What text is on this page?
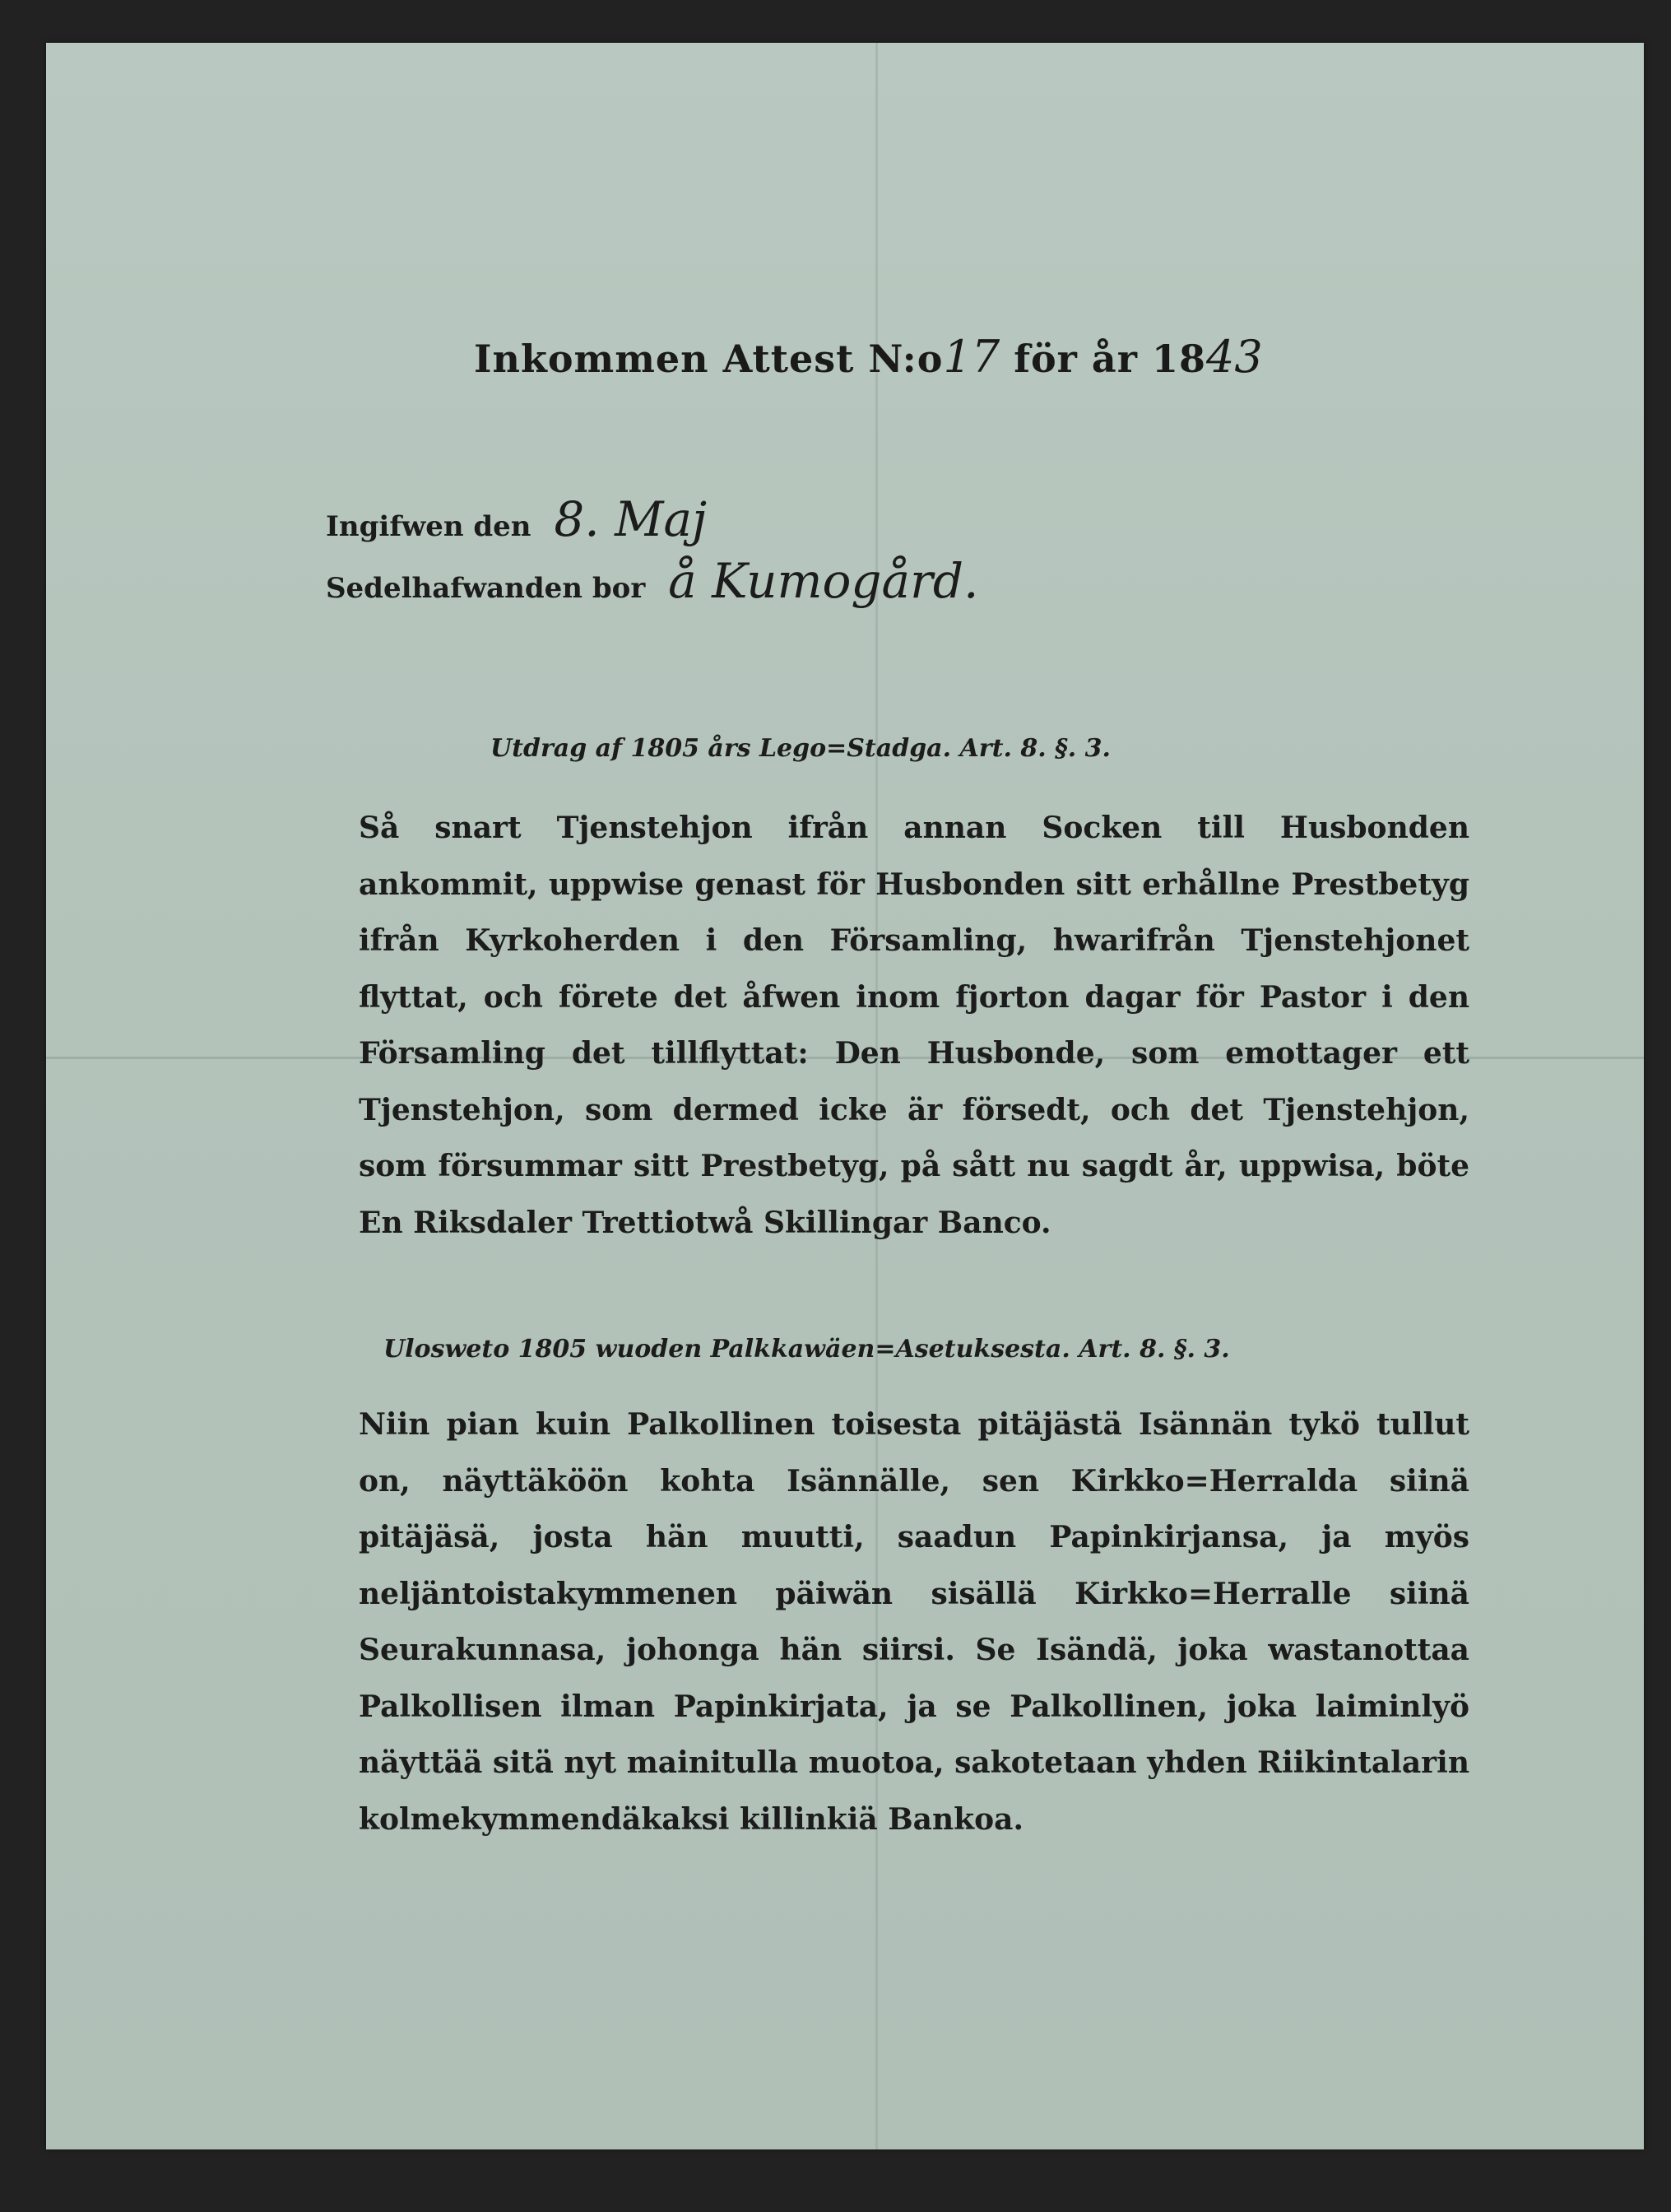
Inkommen Attest N:o17 för år 1843
Ingifwen den 8. Maj
Sedelhafwanden bor å Kumogård.
Utdrag af 1805 års Lego=Stadga. Art. 8. §. 3.
Så snart Tjenstehjon ifrån annan Socken till Husbonden ankommit, uppwise genast för Husbonden sitt erhållne Prestbetyg ifrån Kyrkoherden i den Församling, hwarifrån Tjenstehjonet flyttat, och förete det åfwen inom fjorton dagar för Pastor i den Församling det tillflyttat: Den Husbonde, som emottager ett Tjenstehjon, som dermed icke är försedt, och det Tjenstehjon, som försummar sitt Prestbetyg, på sått nu sagdt år, uppwisa, böte En Riksdaler Trettiotwå Skillingar Banco.
Ulosweto 1805 wuoden Palkkawäen=Asetuksesta. Art. 8. §. 3.
Niin pian kuin Palkollinen toisesta pitäjästä Isännän tykö tullut on, näyttäköön kohta Isännälle, sen Kirkko=Herralda siinä pitäjäsä, josta hän muutti, saadun Papinkirjansa, ja myös neljäntoistakymmenen päiwän sisällä Kirkko=Herralle siinä Seurakunnasa, johonga hän siirsi. Se Isändä, joka wastanottaa Palkollisen ilman Papinkirjata, ja se Palkollinen, joka laiminlyö näyttää sitä nyt mainitulla muotoa, sakotetaan yhden Riikintalarin kolmekymmendäkaksi killinkiä Bankoa.
